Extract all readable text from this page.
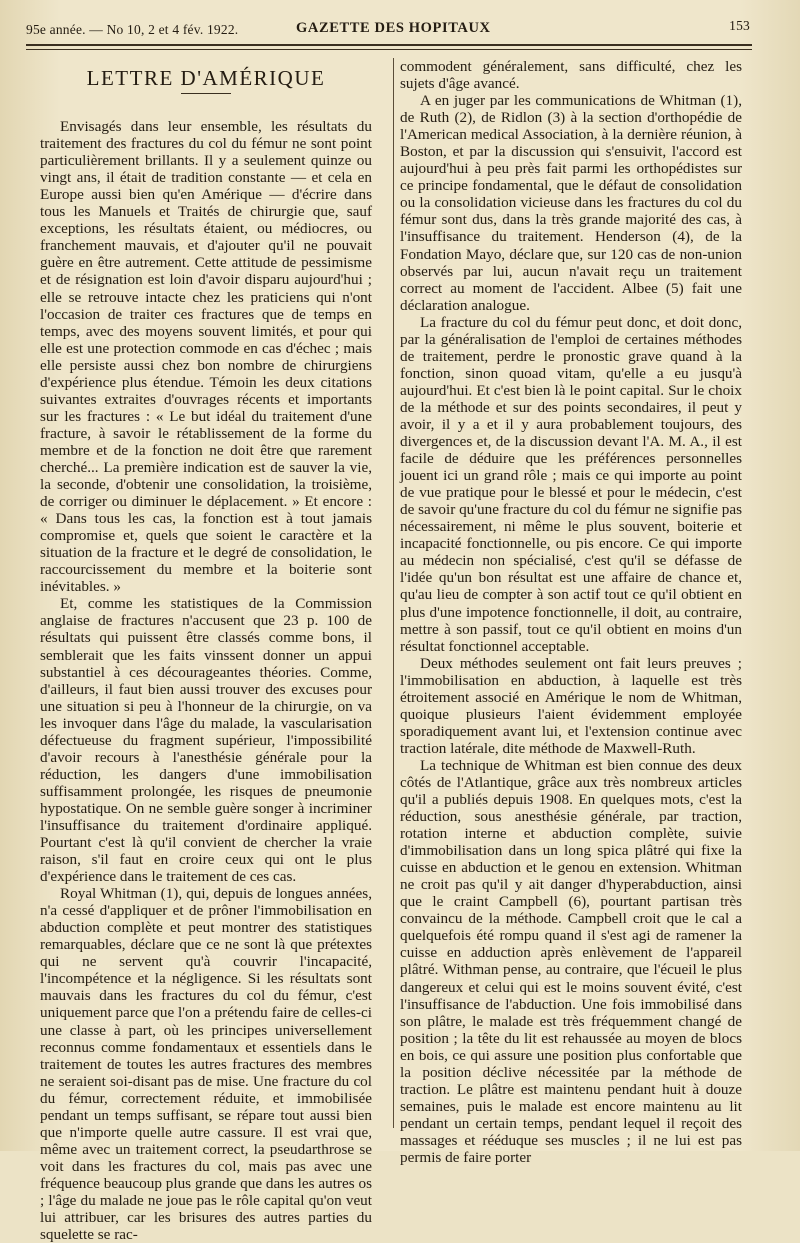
95e année. — No 10, 2 et 4 fév. 1922.	GAZETTE DES HOPITAUX	153
LETTRE D'AMÉRIQUE

Envisagés dans leur ensemble, les résultats du traitement des fractures du col du fémur ne sont point particulièrement brillants. Il y a seulement quinze ou vingt ans, il était de tradition constante — et cela en Europe aussi bien qu'en Amérique — d'écrire dans tous les Manuels et Traités de chirurgie que, sauf exceptions, les résultats étaient, ou médiocres, ou franchement mauvais, et d'ajouter qu'il ne pouvait guère en être autrement. Cette attitude de pessimisme et de résignation est loin d'avoir disparu aujourd'hui ; elle se retrouve intacte chez les praticiens qui n'ont l'occasion de traiter ces fractures que de temps en temps, avec des moyens souvent limités, et pour qui elle est une protection commode en cas d'échec ; mais elle persiste aussi chez bon nombre de chirurgiens d'expérience plus étendue. Témoin les deux citations suivantes extraites d'ouvrages récents et importants sur les fractures : « Le but idéal du traitement d'une fracture, à savoir le rétablissement de la forme du membre et de la fonction ne doit être que rarement cherché... La première indication est de sauver la vie, la seconde, d'obtenir une consolidation, la troisième, de corriger ou diminuer le déplacement. » Et encore : « Dans tous les cas, la fonction est à tout jamais compromise et, quels que soient le caractère et la situation de la fracture et le degré de consolidation, le raccourcissement du membre et la boiterie sont inévitables. »

Et, comme les statistiques de la Commission anglaise de fractures n'accusent que 23 p. 100 de résultats qui puissent être classés comme bons, il semblerait que les faits vinssent donner un appui substantiel à ces décourageantes théories. Comme, d'ailleurs, il faut bien aussi trouver des excuses pour une situation si peu à l'honneur de la chirurgie, on va les invoquer dans l'âge du malade, la vascularisation défectueuse du fragment supérieur, l'impossibilité d'avoir recours à l'anesthésie générale pour la réduction, les dangers d'une immobilisation suffisamment prolongée, les risques de pneumonie hypostatique. On ne semble guère songer à incriminer l'insuffisance du traitement d'ordinaire appliqué. Pourtant c'est là qu'il convient de chercher la vraie raison, s'il faut en croire ceux qui ont le plus d'expérience dans le traitement de ces cas.

Royal Whitman (1), qui, depuis de longues années, n'a cessé d'appliquer et de prôner l'immobilisation en abduction complète et peut montrer des statistiques remarquables, déclare que ce ne sont là que prétextes qui ne servent qu'à couvrir l'incapacité, l'incompétence et la négligence. Si les résultats sont mauvais dans les fractures du col du fémur, c'est uniquement parce que l'on a prétendu faire de celles-ci une classe à part, où les principes universellement reconnus comme fondamentaux et essentiels dans le traitement de toutes les autres fractures des membres ne seraient soi-disant pas de mise. Une fracture du col du fémur, correctement réduite, et immobilisée pendant un temps suffisant, se répare tout aussi bien que n'importe quelle autre cassure. Il est vrai que, même avec un traitement correct, la pseudarthrose se voit dans les fractures du col, mais pas avec une fréquence beaucoup plus grande que dans les autres os ; l'âge du malade ne joue pas le rôle capital qu'on veut lui attribuer, car les brisures des autres parties du squelette se rac-

commodent généralement, sans difficulté, chez les sujets d'âge avancé.

A en juger par les communications de Whitman (1), de Ruth (2), de Ridlon (3) à la section d'orthopédie de l'American medical Association, à la dernière réunion, à Boston, et par la discussion qui s'ensuivit, l'accord est aujourd'hui à peu près fait parmi les orthopédistes sur ce principe fondamental, que le défaut de consolidation ou la consolidation vicieuse dans les fractures du col du fémur sont dus, dans la très grande majorité des cas, à l'insuffisance du traitement. Henderson (4), de la Fondation Mayo, déclare que, sur 120 cas de non-union observés par lui, aucun n'avait reçu un traitement correct au moment de l'accident. Albee (5) fait une déclaration analogue.

La fracture du col du fémur peut donc, et doit donc, par la généralisation de l'emploi de certaines méthodes de traitement, perdre le pronostic grave quand à la fonction, sinon quoad vitam, qu'elle a eu jusqu'à aujourd'hui. Et c'est bien là le point capital. Sur le choix de la méthode et sur des points secondaires, il peut y avoir, il y a et il y aura probablement toujours, des divergences et, de la discussion devant l'A. M. A., il est facile de déduire que les préférences personnelles jouent ici un grand rôle ; mais ce qui importe au point de vue pratique pour le blessé et pour le médecin, c'est de savoir qu'une fracture du col du fémur ne signifie pas nécessairement, ni même le plus souvent, boiterie et incapacité fonctionnelle, ou pis encore. Ce qui importe au médecin non spécialisé, c'est qu'il se défasse de l'idée qu'un bon résultat est une affaire de chance et, qu'au lieu de compter à son actif tout ce qu'il obtient en plus d'une impotence fonctionnelle, il doit, au contraire, mettre à son passif, tout ce qu'il obtient en moins d'un résultat fonctionnel acceptable.

Deux méthodes seulement ont fait leurs preuves ; l'immobilisation en abduction, à laquelle est très étroitement associé en Amérique le nom de Whitman, quoique plusieurs l'aient évidemment employée sporadiquement avant lui, et l'extension continue avec traction latérale, dite méthode de Maxwell-Ruth.

La technique de Whitman est bien connue des deux côtés de l'Atlantique, grâce aux très nombreux articles qu'il a publiés depuis 1908. En quelques mots, c'est la réduction, sous anesthésie générale, par traction, rotation interne et abduction complète, suivie d'immobilisation dans un long spica plâtré qui fixe la cuisse en abduction et le genou en extension. Whitman ne croit pas qu'il y ait danger d'hyperabduction, ainsi que le craint Campbell (6), pourtant partisan très convaincu de la méthode. Campbell croit que le cal a quelquefois été rompu quand il s'est agi de ramener la cuisse en adduction après enlèvement de l'appareil plâtré. Withman pense, au contraire, que l'écueil le plus dangereux et celui qui est le moins souvent évité, c'est l'insuffisance de l'abduction. Une fois immobilisé dans son plâtre, le malade est très fréquemment changé de position ; la tête du lit est rehaussée au moyen de blocs en bois, ce qui assure une position plus confortable que la position déclive nécessitée par la méthode de traction. Le plâtre est maintenu pendant huit à douze semaines, puis le malade est encore maintenu au lit pendant un certain temps, pendant lequel il reçoit des massages et rééduque ses muscles ; il ne lui est pas permis de faire porter
